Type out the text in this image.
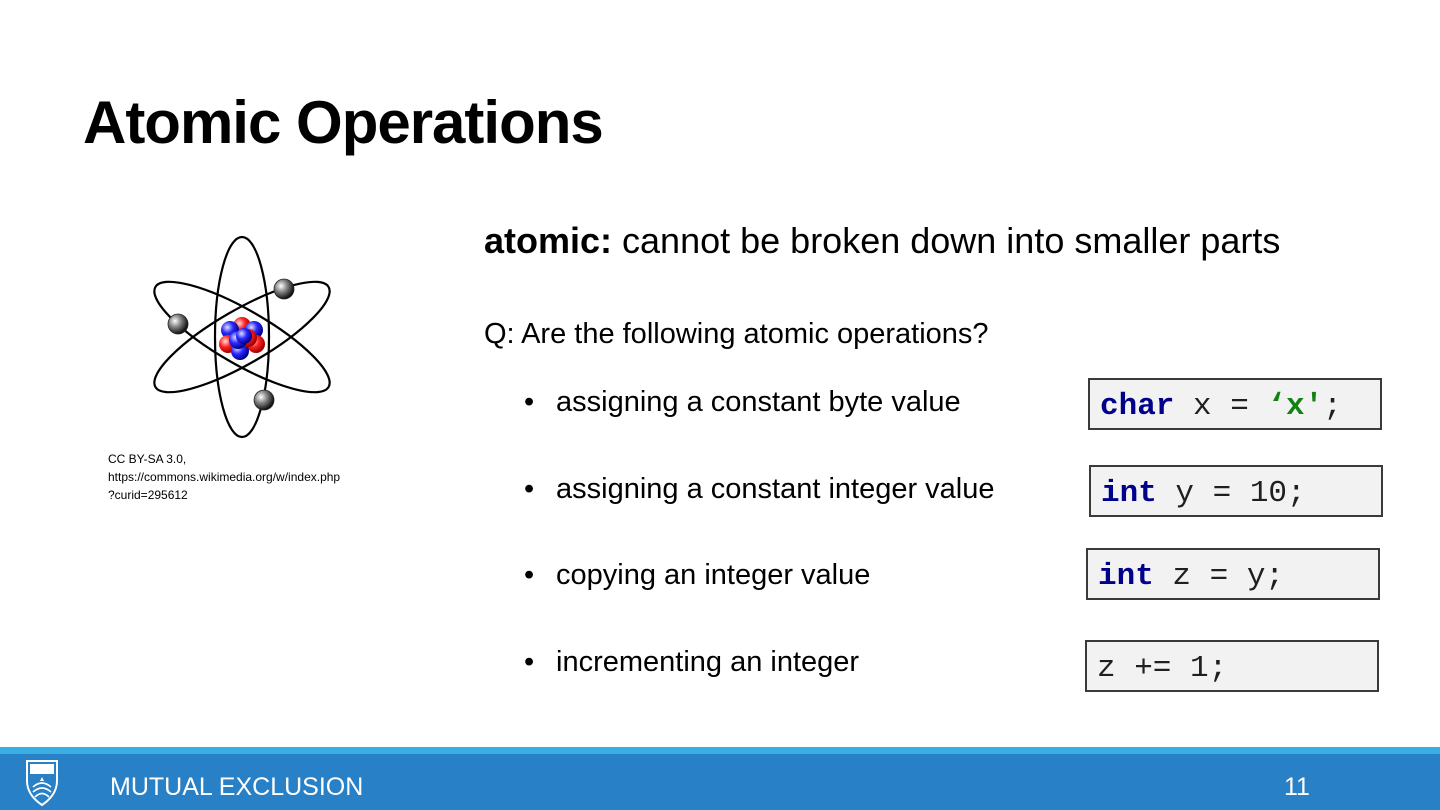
Atomic Operations
CC BY-SA 3.0,
https://commons.wikimedia.org/w/index.php
?curid=295612
atomic: cannot be broken down into smaller parts
Q: Are the following atomic operations?
• assigning a constant byte value
• assigning a constant integer value
• copying an integer value
• incrementing an integer
char x = ‘x';
int y = 10;
int z = y;
z += 1;
MUTUAL EXCLUSION	11
